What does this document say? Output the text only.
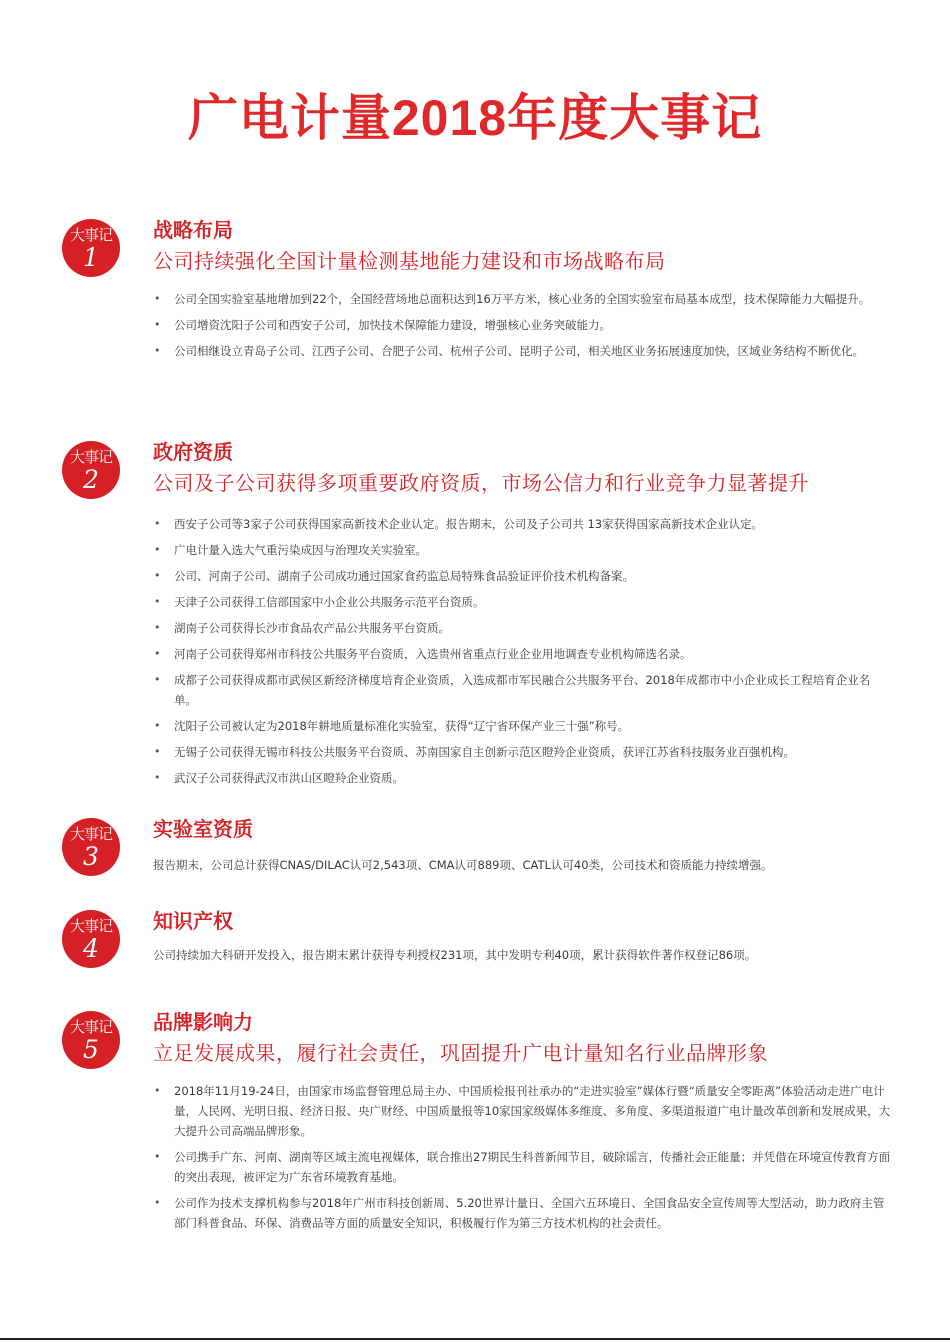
广电计量2018年度大事记
大事记
1
战略布局
公司持续强化全国计量检测基地能力建设和市场战略布局
• 公司全国实验室基地增加到22个，全国经营场地总面积达到16万平方米，核心业务的全国实验室布局基本成型，技术保障能力大幅提升。
• 公司增资沈阳子公司和西安子公司，加快技术保障能力建设，增强核心业务突破能力。
• 公司相继设立青岛子公司、江西子公司、合肥子公司、杭州子公司、昆明子公司，相关地区业务拓展速度加快，区域业务结构不断优化。
大事记
2
政府资质
公司及子公司获得多项重要政府资质，市场公信力和行业竞争力显著提升
• 西安子公司等3家子公司获得国家高新技术企业认定。报告期末，公司及子公司共 13家获得国家高新技术企业认定。
• 广电计量入选大气重污染成因与治理攻关实验室。
• 公司、河南子公司、湖南子公司成功通过国家食药监总局特殊食品验证评价技术机构备案。
• 天津子公司获得工信部国家中小企业公共服务示范平台资质。
• 湖南子公司获得长沙市食品农产品公共服务平台资质。
• 河南子公司获得郑州市科技公共服务平台资质，入选贵州省重点行业企业用地调查专业机构筛选名录。
• 成都子公司获得成都市武侯区新经济梯度培育企业资质，入选成都市军民融合公共服务平台、2018年成都市中小企业成长工程培育企业名单。
• 沈阳子公司被认定为2018年耕地质量标准化实验室，获得“辽宁省环保产业三十强”称号。
• 无锡子公司获得无锡市科技公共服务平台资质、苏南国家自主创新示范区瞪羚企业资质，获评江苏省科技服务业百强机构。
• 武汉子公司获得武汉市洪山区瞪羚企业资质。
大事记
3
实验室资质
报告期末，公司总计获得CNAS/DILAC认可2,543项、CMA认可889项、CATL认可40类，公司技术和资质能力持续增强。
大事记
4
知识产权
公司持续加大科研开发投入，报告期末累计获得专利授权231项，其中发明专利40项，累计获得软件著作权登记86项。
大事记
5
品牌影响力
立足发展成果，履行社会责任，巩固提升广电计量知名行业品牌形象
• 2018年11月19-24日，由国家市场监督管理总局主办、中国质检报刊社承办的“走进实验室”媒体行暨“质量安全零距离”体验活动走进广电计量，人民网、光明日报、经济日报、央广财经、中国质量报等10家国家级媒体多维度、多角度、多渠道报道广电计量改革创新和发展成果，大大提升公司高端品牌形象。
• 公司携手广东、河南、湖南等区域主流电视媒体，联合推出27期民生科普新闻节目，破除谣言，传播社会正能量；并凭借在环境宣传教育方面的突出表现，被评定为广东省环境教育基地。
• 公司作为技术支撑机构参与2018年广州市科技创新周、5.20世界计量日、全国六五环境日、全国食品安全宣传周等大型活动，助力政府主管部门科普食品、环保、消费品等方面的质量安全知识，积极履行作为第三方技术机构的社会责任。
